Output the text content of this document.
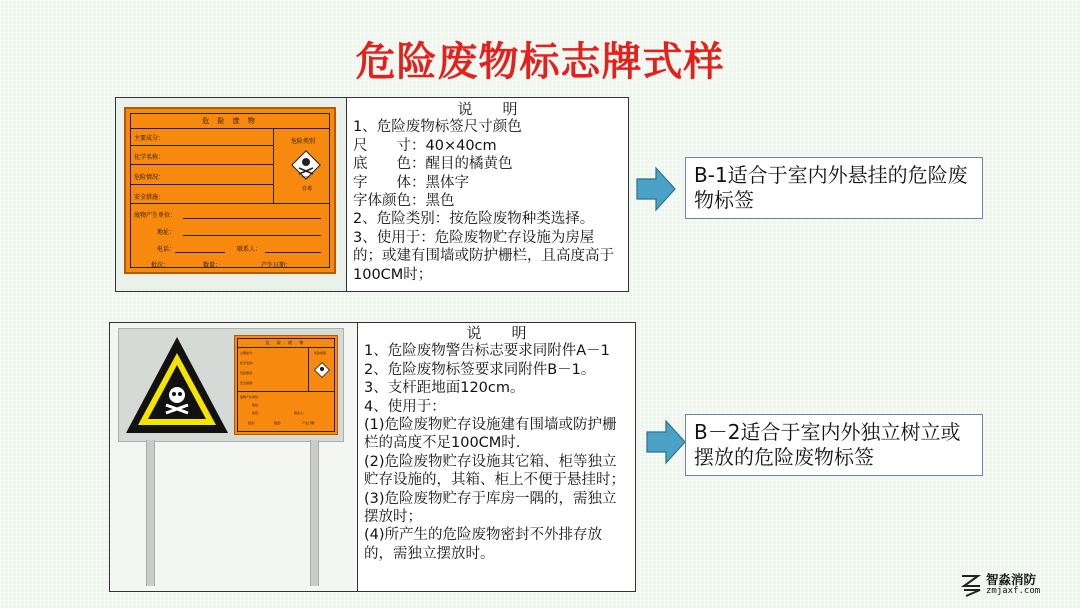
危险废物标志牌式样
危 险 废 物
主要成分：
化学名称：
危险情况：
安全措施：
危险类别
TOXIC
有毒
废物产生单位：
地址：
电话：	联系人：
批次：	数量：	产生日期：
说　　明
1、危险废物标签尺寸颜色
尺　　寸：40×40cm
底　　色：醒目的橘黄色
字　　体：黑体字
字体颜色：黑色
2、危险类别：按危险废物种类选择。
3、使用于：危险废物贮存设施为房屋的；或建有围墙或防护栅栏，且高度高于100CM时；
B-1适合于室内外悬挂的危险废物标签
危 险 废 物
主要成分：
化学名称：
危险情况：
安全措施：
危险类别
废物产生单位：
地址：
电话：	联系人：
批次：	数量：	产生日期：
说　　明
1、危险废物警告标志要求同附件A－1
2、危险废物标签要求同附件B－1。
3、支杆距地面120cm。
4、使用于：
(1)危险废物贮存设施建有围墙或防护栅栏的高度不足100CM时.
(2)危险废物贮存设施其它箱、柜等独立贮存设施的，其箱、柜上不便于悬挂时；
(3)危险废物贮存于库房一隅的，需独立摆放时；
(4)所产生的危险废物密封不外排存放的，需独立摆放时。
B－2适合于室内外独立树立或摆放的危险废物标签
智淼消防
zmjaxf.com
